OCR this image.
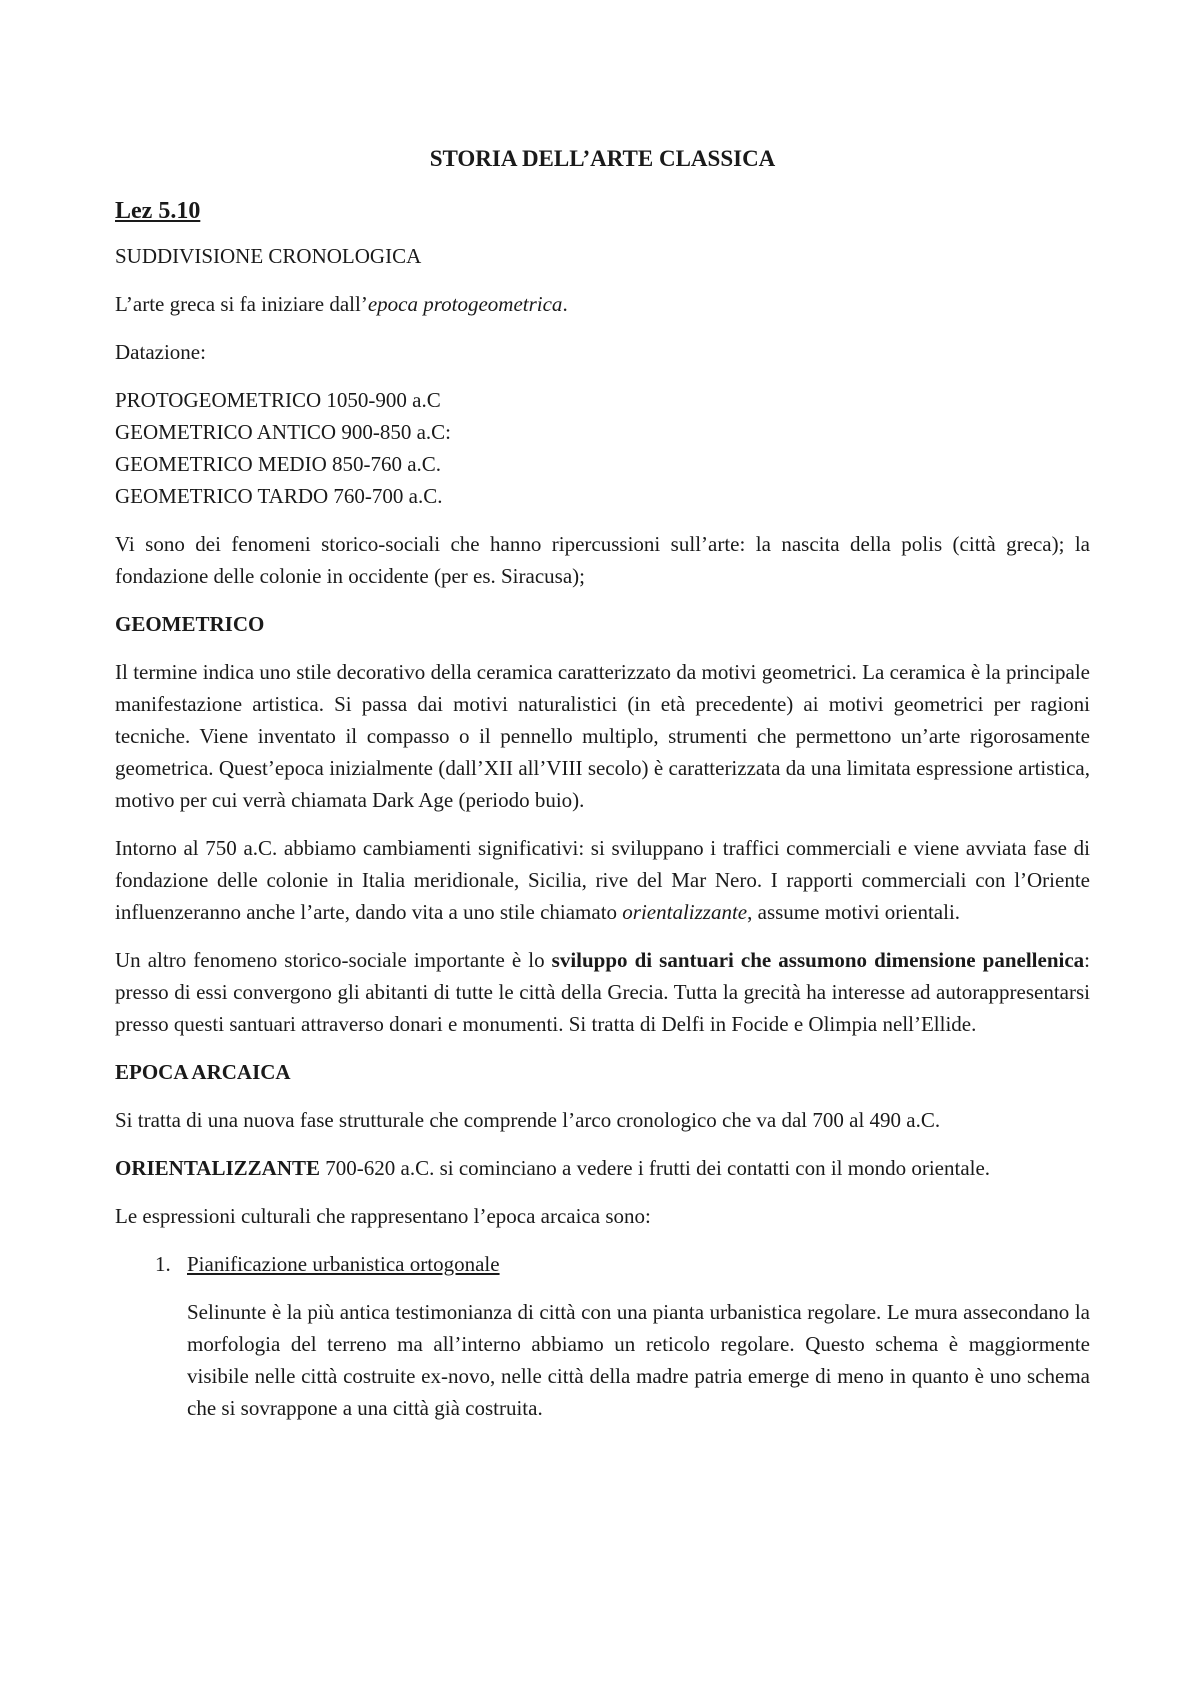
STORIA DELL’ARTE CLASSICA
Lez 5.10

SUDDIVISIONE CRONOLOGICA

L’arte greca si fa iniziare dall’epoca protogeometrica.

Datazione:

PROTOGEOMETRICO 1050-900 a.C

GEOMETRICO ANTICO 900-850 a.C:

GEOMETRICO MEDIO 850-760 a.C.

GEOMETRICO TARDO 760-700 a.C.

Vi sono dei fenomeni storico-sociali che hanno ripercussioni sull’arte: la nascita della polis (città greca); la fondazione delle colonie in occidente (per es. Siracusa);

GEOMETRICO

Il termine indica uno stile decorativo della ceramica caratterizzato da motivi geometrici. La ceramica è la principale manifestazione artistica. Si passa dai motivi naturalistici (in età precedente) ai motivi geometrici per ragioni tecniche. Viene inventato il compasso o il pennello multiplo, strumenti che permettono un’arte rigorosamente geometrica. Quest’epoca inizialmente (dall’XII all’VIII secolo) è caratterizzata da una limitata espressione artistica, motivo per cui verrà chiamata Dark Age (periodo buio).

Intorno al 750 a.C. abbiamo cambiamenti significativi: si sviluppano i traffici commerciali e viene avviata fase di fondazione delle colonie in Italia meridionale, Sicilia, rive del Mar Nero. I rapporti commerciali con l’Oriente influenzeranno anche l’arte, dando vita a uno stile chiamato orientalizzante, assume motivi orientali.

Un altro fenomeno storico-sociale importante è lo sviluppo di santuari che assumono dimensione panellenica: presso di essi convergono gli abitanti di tutte le città della Grecia. Tutta la grecità ha interesse ad autorappresentarsi presso questi santuari attraverso donari e monumenti. Si tratta di Delfi in Focide e Olimpia nell’Ellide.

EPOCA ARCAICA

Si tratta di una nuova fase strutturale che comprende l’arco cronologico che va dal 700 al 490 a.C.

ORIENTALIZZANTE 700-620 a.C. si cominciano a vedere i frutti dei contatti con il mondo orientale.

Le espressioni culturali che rappresentano l’epoca arcaica sono:

1. Pianificazione urbanistica ortogonale

Selinunte è la più antica testimonianza di città con una pianta urbanistica regolare. Le mura assecondano la morfologia del terreno ma all’interno abbiamo un reticolo regolare. Questo schema è maggiormente visibile nelle città costruite ex-novo, nelle città della madre patria emerge di meno in quanto è uno schema che si sovrappone a una città già costruita.
